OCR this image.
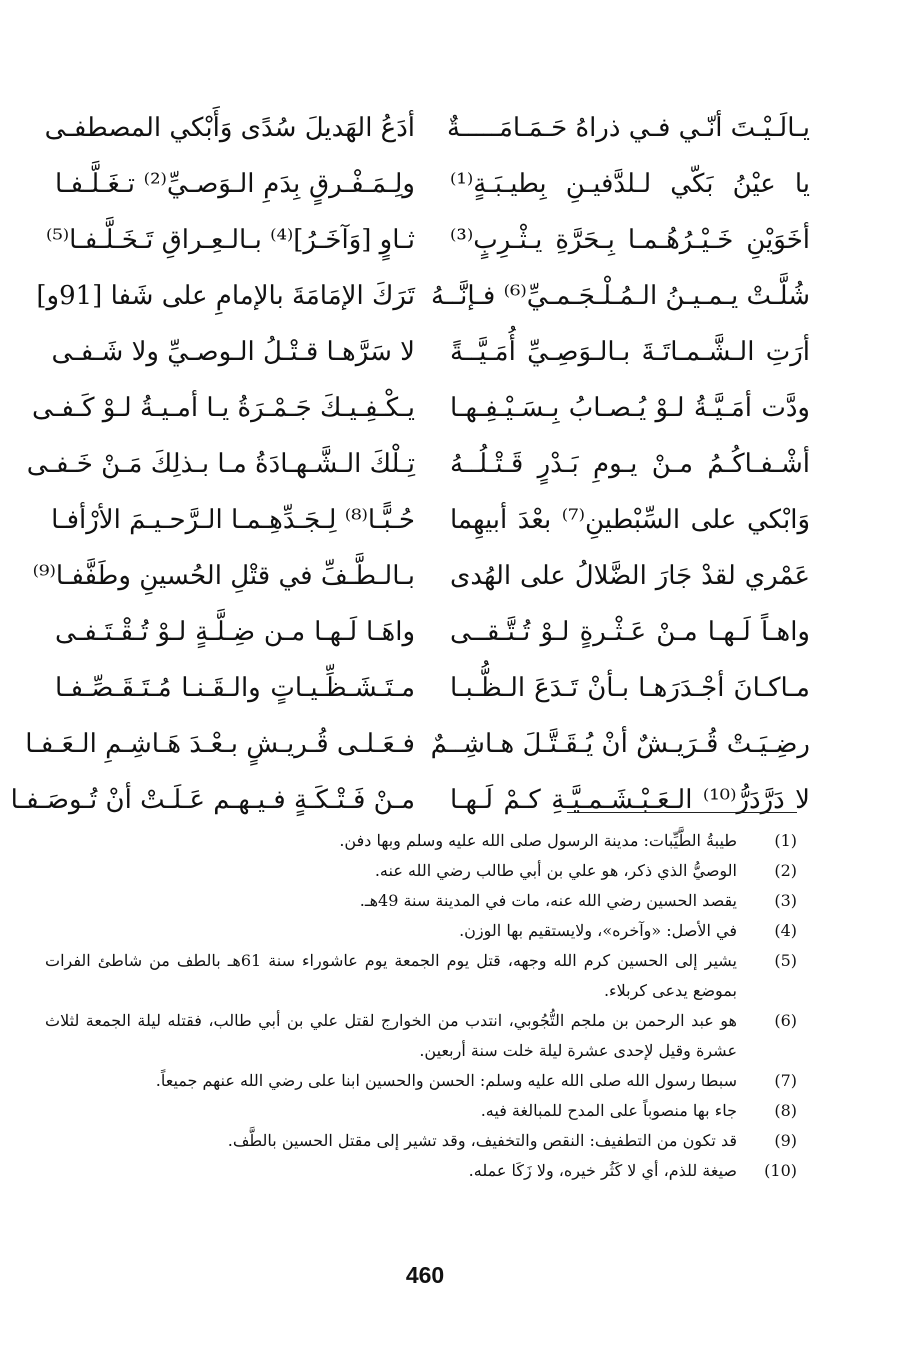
يـالَـيْـتَ أنّـي فـي ذراهُ حَـمَـامَـــــةٌ
أدَعُ الهَديلَ سُدًى وَأَبْكي المصطفـى
يا عيْنُ بَكّي لـلدَّفيـنِ بِطيـبَـةٍ⁽¹⁾
ولِـمَـفْـرقٍ بِدَمِ الـوَصـيِّ⁽²⁾ تـغَـلَّـفـا
أخَوَيْنِ خَـيْـرُهُـمـا بِـحَرَّةِ يـثْـرِبٍ⁽³⁾
ثـاوٍ [وَآخَـرُ]⁽⁴⁾ بـالـعِـراقِ تَـخَـلَّـفـا⁽⁵⁾
شُلَّـتْ يـمـيـنُ الـمُـلْـجَـمـيِّ⁽⁶⁾ فـإنَّــهُ
تَرَكَ الإمَامَةَ بالإمامِ على شَفا [91و]
أرَتِ الـشَّـمـاتَـةَ بـالـوَصِـيِّ أُمَـيَّــةً
لا سَرَّهـا قـتْـلُ الـوصـيِّ ولا شَـفـى
ودَّت أمَـيَّـةُ لـوْ يُـصـابُ بِـسَـيْـفِـهـا
يـكْـفِـيـكَ جَـمْـرَةُ يـا أمـيـةُ لـوْ كَـفـى
أشْـفـاكُـمُ مـنْ يـومِ بَـدْرٍ قَـتْـلُــهُ
تِـلْكَ الـشَّـهـادَةُ مـا بـذلِكَ مَـنْ خَـفـى
وَابْكي على السِّبْطينِ⁽⁷⁾ بعْدَ أبيهِما
حُـبًّـا⁽⁸⁾ لِـجَـدِّهِـمـا الـرَّحـيـمَ الأرْأفـا
عَمْري لقدْ جَارَ الضَّلالُ على الهُدى
بـالـطَّـفِّ في قتْلِ الحُسينِ وطَفَّفـا⁽⁹⁾
واهـاً لَـهـا مـنْ عَـثْـرةٍ لـوْ تُـتَّـقــى
واهَـا لَـهـا مـن ضِـلَّـةٍ لـوْ تُـقْـتَـفـى
مـاكـانَ أجْـدَرَهـا بـأنْ تَـدَعَ الـظُّـبـا
مـتَـشَـظِّـيـاتٍ والـقَـنـا مُـتَـقَـصِّـفـا
رضِـيَـتْ قُـرَيـشٌ أنْ يُـقَـتَّـلَ هـاشِــمٌ
فـعَـلـى قُـريـشٍ بـعْـدَ هَـاشِـمِ الـعَـفـا
لا دَرَّدَرُّ⁽¹⁰⁾ الـعَـبْـشَـمـيَّـةِ كـمْ لَـهـا
مـنْ فَـتْـكَـةٍ فـيـهـم عَـلَـتْ أنْ تُـوصَـفـا
(1)
طيبةُ الطَّيِّبات: مدينة الرسول صلى الله عليه وسلم وبها دفن.
(2)
الوصيُّ الذي ذكر، هو علي بن أبي طالب رضي الله عنه.
(3)
يقصد الحسين رضي الله عنه، مات في المدينة سنة 49هـ.
(4)
في الأصل: «وآخره»، ولايستقيم بها الوزن.
(5)
يشير إلى الحسين كرم الله وجهه، قتل يوم الجمعة يوم عاشوراء سنة 61هـ بالطف من شاطئ الفرات بموضع يدعى كربلاء.
(6)
هو عبد الرحمن بن ملجم التُّجُوبي، انتدب من الخوارج لقتل علي بن أبي طالب، فقتله ليلة الجمعة لثلاث عشرة وقيل لإحدى عشرة ليلة خلت سنة أربعين.
(7)
سبطا رسول الله صلى الله عليه وسلم: الحسن والحسين ابنا على رضي الله عنهم جميعاً.
(8)
جاء بها منصوباً على المدح للمبالغة فيه.
(9)
قد تكون من التطفيف: النقص والتخفيف، وقد تشير إلى مقتل الحسين بالطَّف.
(10)
صيغة للذم، أي لا كَثُر خيره، ولا زَكَا عمله.
460
